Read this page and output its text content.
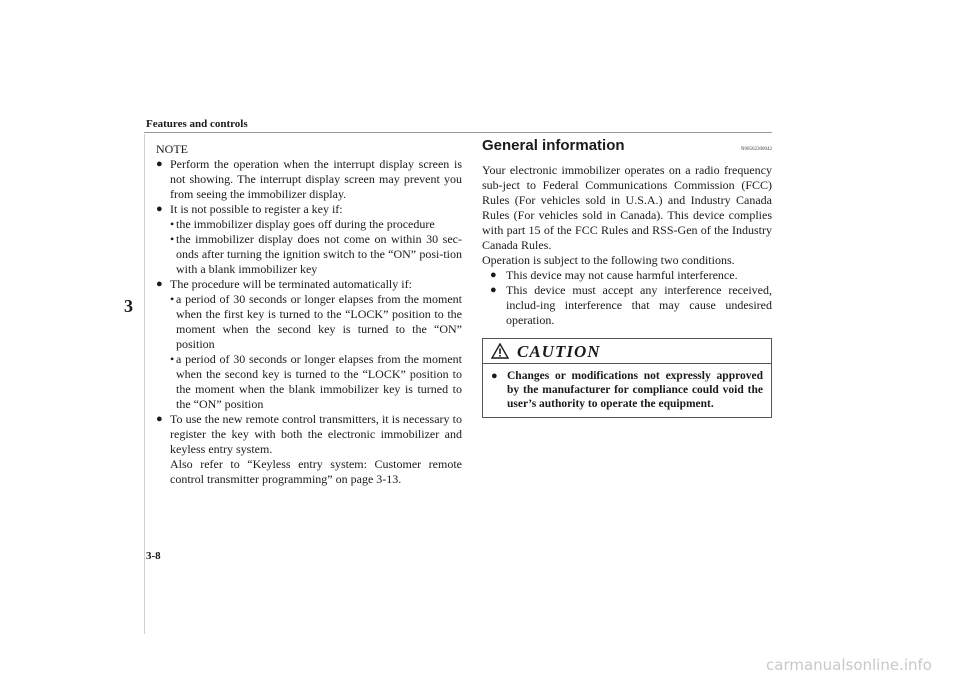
Features and controls
3
NOTE
● Perform the operation when the interrupt display screen is not showing. The interrupt display screen may prevent you from seeing the immobilizer display.
● It is not possible to register a key if:
• the immobilizer display goes off during the procedure
• the immobilizer display does not come on within 30 sec-onds after turning the ignition switch to the “ON” posi-tion with a blank immobilizer key
● The procedure will be terminated automatically if:
• a period of 30 seconds or longer elapses from the moment when the first key is turned to the “LOCK” position to the moment when the second key is turned to the “ON” position
• a period of 30 seconds or longer elapses from the moment when the second key is turned to the “LOCK” position to the moment when the blank immobilizer key is turned to the “ON” position
● To use the new remote control transmitters, it is necessary to register the key with both the electronic immobilizer and keyless entry system.
Also refer to “Keyless entry system: Customer remote control transmitter programming” on page 3-13.
General information	N00562300042
Your electronic immobilizer operates on a radio frequency sub-ject to Federal Communications Commission (FCC) Rules (For vehicles sold in U.S.A.) and Industry Canada Rules (For vehicles sold in Canada). This device complies with part 15 of the FCC Rules and RSS-Gen of the Industry Canada Rules.
Operation is subject to the following two conditions.
● This device may not cause harmful interference.
● This device must accept any interference received, includ-ing interference that may cause undesired operation.
CAUTION
● Changes or modifications not expressly approved by the manufacturer for compliance could void the user’s authority to operate the equipment.
3-8
carmanualsonline.info
